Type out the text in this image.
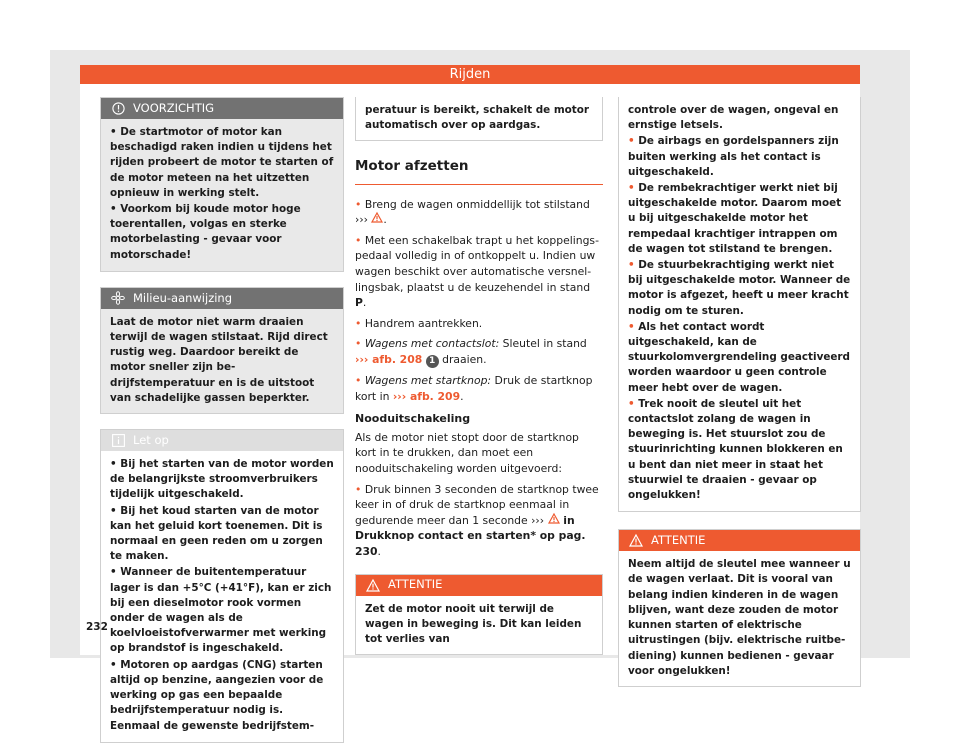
Rijden
VOORZICHTIG

• De startmotor of motor kan beschadigd raken indien u tijdens het rijden probeert de motor te starten of de motor meteen na het uitzetten opnieuw in werking stelt.

• Voorkom bij koude motor hoge toerentallen, volgas en sterke motorbelasting - gevaar voor motorschade!

Milieu-aanwijzing
Laat de motor niet warm draaien terwijl de wagen stilstaat. Rijd direct rustig weg. Daardoor bereikt de motor sneller zijn bedrijfstemperatuur en is de uitstoot van schadelijke gassen beperkter.
Let op

• Bij het starten van de motor worden de belangrijkste stroomverbruikers tijdelijk uitgeschakeld.

• Bij het koud starten van de motor kan het geluid kort toenemen. Dit is normaal en geen reden om u zorgen te maken.

• Wanneer de buitentemperatuur lager is dan +5°C (+41°F), kan er zich bij een dieselmotor rook vormen onder de wagen als de koelvloeistofverwarmer met werking op brandstof is ingeschakeld.

• Motoren op aardgas (CNG) starten altijd op benzine, aangezien voor de werking op gas een bepaalde bedrijfstemperatuur nodig is. Eenmaal de gewenste bedrijfstem-

peratuur is bereikt, schakelt de motor automatisch over op aardgas.
Motor afzetten

• Breng de wagen onmiddellijk tot stilstand
››› .

• Met een schakelbak trapt u het koppelingspedaal volledig in of ontkoppelt u. Indien uw wagen beschikt over automatische versnellingsbak, plaatst u de keuzehendel in stand P.

• Handrem aantrekken.

• Wagens met contactslot: Sleutel in stand
››› afb. 208 1 draaien.

• Wagens met startknop: Druk de startknop kort in ››› afb. 209.

Nooduitschakeling

Als de motor niet stopt door de startknop kort in te drukken, dan moet een nooduitschakeling worden uitgevoerd:

• Druk binnen 3 seconden de startknop twee keer in of druk de startknop eenmaal in gedurende meer dan 1 seconde ›››  in Drukknop contact en starten* op pag. 230.

ATTENTIE
Zet de motor nooit uit terwijl de wagen in beweging is. Dit kan leiden tot verlies van

controle over de wagen, ongeval en ernstige letsels.

• De airbags en gordelspanners zijn buiten werking als het contact is uitgeschakeld.

• De rembekrachtiger werkt niet bij uitgeschakelde motor. Daarom moet u bij uitgeschakelde motor het rempedaal krachtiger intrappen om de wagen tot stilstand te brengen.

• De stuurbekrachtiging werkt niet bij uitgeschakelde motor. Wanneer de motor is afgezet, heeft u meer kracht nodig om te sturen.

• Als het contact wordt uitgeschakeld, kan de stuurkolomvergrendeling geactiveerd worden waardoor u geen controle meer hebt over de wagen.

• Trek nooit de sleutel uit het contactslot zolang de wagen in beweging is. Het stuurslot zou de stuurinrichting kunnen blokkeren en u bent dan niet meer in staat het stuurwiel te draaien - gevaar op ongelukken!

ATTENTIE
Neem altijd de sleutel mee wanneer u de wagen verlaat. Dit is vooral van belang indien kinderen in de wagen blijven, want deze zouden de motor kunnen starten of elektrische uitrustingen (bijv. elektrische ruitbediening) kunnen bedienen - gevaar voor ongelukken!
232
